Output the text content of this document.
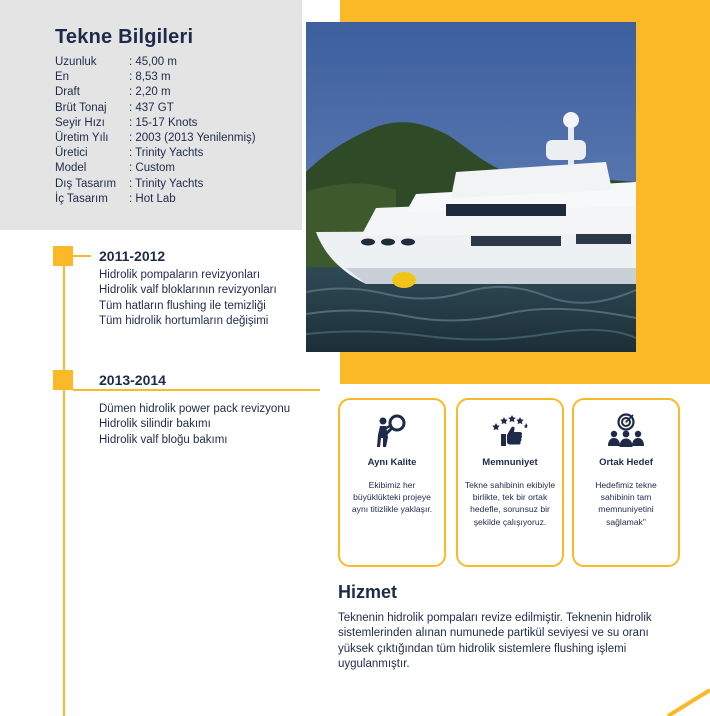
Tekne Bilgileri
Uzunluk	: 45,00 m
En	: 8,53 m
Draft	: 2,20 m
Brüt Tonaj	: 437 GT
Seyir Hızı	: 15-17 Knots
Üretim Yılı	: 2003 (2013 Yenilenmiş)
Üretici	: Trinity Yachts
Model	: Custom
Dış Tasarım	: Trinity Yachts
İç Tasarım	: Hot Lab
2011-2012
Hidrolik pompaların revizyonları
Hidrolik valf bloklarının revizyonları
Tüm hatların flushing ile temizliği
Tüm hidrolik hortumların değişimi
2013-2014
Dümen hidrolik power pack revizyonu
Hidrolik silindir bakımı
Hidrolik valf bloğu bakımı
Aynı Kalite
Ekibimiz her büyüklükteki projeye aynı titizlikle yaklaşır.
Memnuniyet
Tekne sahibinin ekibiyle birlikte, tek bir ortak hedefle, sorunsuz bir şekilde çalışıyoruz.
Ortak Hedef
Hedefimiz tekne sahibinin tam memnuniyetini sağlamak"
Hizmet
Teknenin hidrolik pompaları revize edilmiştir. Teknenin hidrolik sistemlerinden alınan numunede partikül seviyesi ve su oranı yüksek çıktığından tüm hidrolik sistemlere flushing işlemi uygulanmıştır.
